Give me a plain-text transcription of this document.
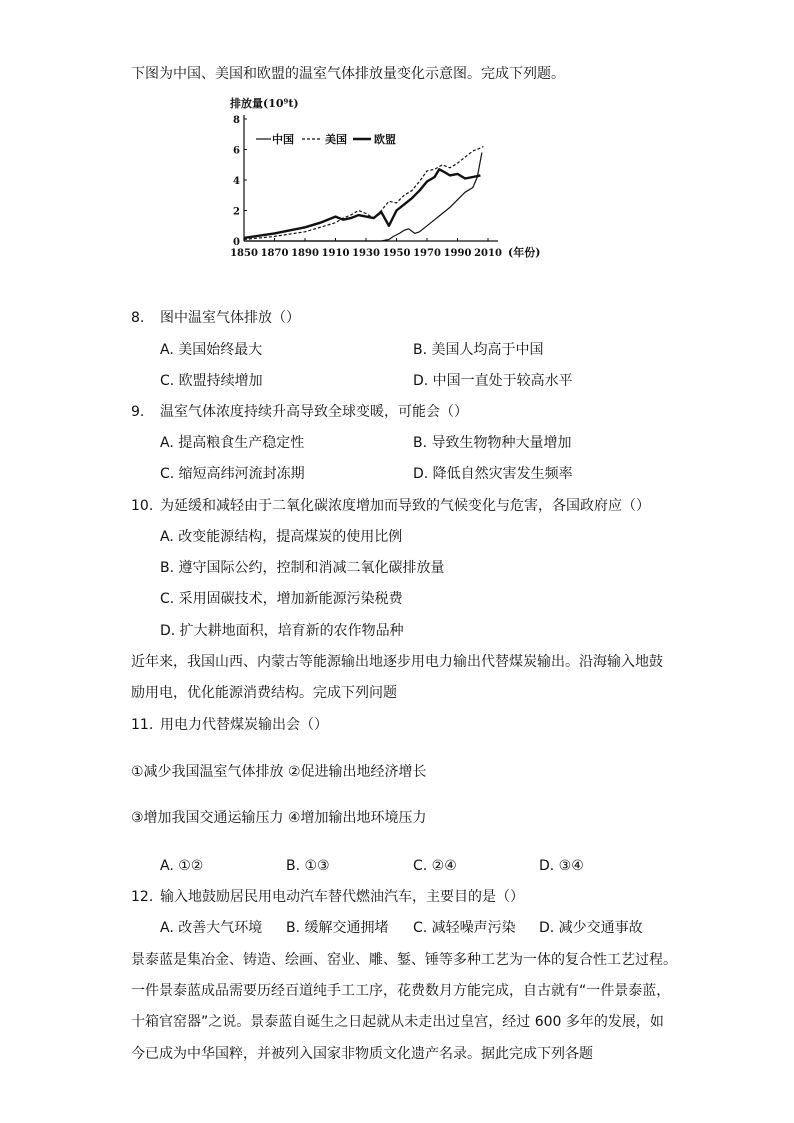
下图为中国、美国和欧盟的温室气体排放量变化示意图。完成下列题。
0
2
4
6
8
1850 1870 1890 1910 1930 1950 1970 1990 2010
中国	美国 欧盟
排放量(10⁹t)
(年份)
8. 图中温室气体排放（）
A. 美国始终最大	B. 美国人均高于中国
C. 欧盟持续增加	D. 中国一直处于较高水平
9. 温室气体浓度持续升高导致全球变暖，可能会（）
A. 提高粮食生产稳定性	B. 导致生物物种大量增加
C. 缩短高纬河流封冻期	D. 降低自然灾害发生频率
10. 为延缓和减轻由于二氧化碳浓度增加而导致的气候变化与危害，各国政府应（）
A. 改变能源结构，提高煤炭的使用比例
B. 遵守国际公约，控制和消减二氧化碳排放量
C. 采用固碳技术，增加新能源污染税费
D. 扩大耕地面积，培育新的农作物品种
近年来，我国山西、内蒙古等能源输出地逐步用电力输出代替煤炭输出。沿海输入地鼓
励用电，优化能源消费结构。完成下列问题
11. 用电力代替煤炭输出会（）
①减少我国温室气体排放 ②促进输出地经济增长
③增加我国交通运输压力 ④增加输出地环境压力
A. ①②	B. ①③	C. ②④	D. ③④
12. 输入地鼓励居民用电动汽车替代燃油汽车，主要目的是（）
A. 改善大气环境 B. 缓解交通拥堵 C. 减轻噪声污染 D. 减少交通事故
景泰蓝是集冶金、铸造、绘画、窑业、雕、錾、锤等多种工艺为一体的复合性工艺过程。
一件景泰蓝成品需要历经百道纯手工工序，花费数月方能完成，自古就有“一件景泰蓝，
十箱官窑器”之说。景泰蓝自诞生之日起就从未走出过皇宫，经过 600 多年的发展，如
今已成为中华国粹，并被列入国家非物质文化遗产名录。据此完成下列各题
